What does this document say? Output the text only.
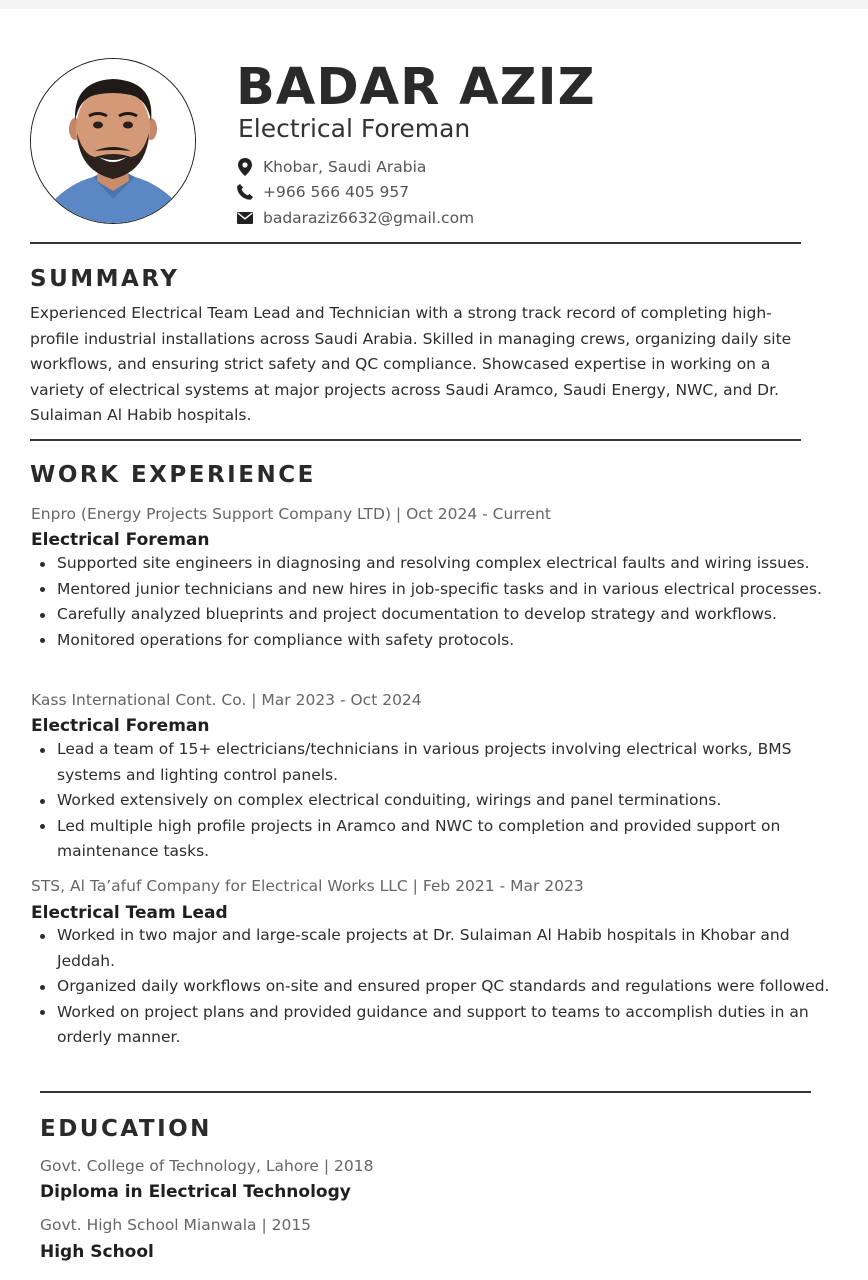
BADAR AZIZ
Electrical Foreman
Khobar, Saudi Arabia
+966 566 405 957
badaraziz6632@gmail.com
SUMMARY

Experienced Electrical Team Lead and Technician with a strong track record of completing high-profile industrial installations across Saudi Arabia. Skilled in managing crews, organizing daily site workflows, and ensuring strict safety and QC compliance. Showcased expertise in working on a variety of electrical systems at major projects across Saudi Aramco, Saudi Energy, NWC, and Dr. Sulaiman Al Habib hospitals.

WORK EXPERIENCE
Enpro (Energy Projects Support Company LTD) | Oct 2024 - Current
Electrical Foreman
Supported site engineers in diagnosing and resolving complex electrical faults and wiring issues.
Mentored junior technicians and new hires in job-specific tasks and in various electrical processes.
Carefully analyzed blueprints and project documentation to develop strategy and workflows.
Monitored operations for compliance with safety protocols.
Kass International Cont. Co. | Mar 2023 - Oct 2024
Electrical Foreman
Lead a team of 15+ electricians/technicians in various projects involving electrical works, BMS systems and lighting control panels.
Worked extensively on complex electrical conduiting, wirings and panel terminations.
Led multiple high profile projects in Aramco and NWC to completion and provided support on maintenance tasks.
STS, Al Ta’afuf Company for Electrical Works LLC | Feb 2021 - Mar 2023
Electrical Team Lead
Worked in two major and large-scale projects at Dr. Sulaiman Al Habib hospitals in Khobar and Jeddah.
Organized daily workflows on-site and ensured proper QC standards and regulations were followed.
Worked on project plans and provided guidance and support to teams to accomplish duties in an orderly manner.
EDUCATION
Govt. College of Technology, Lahore | 2018
Diploma in Electrical Technology
Govt. High School Mianwala | 2015
High School
